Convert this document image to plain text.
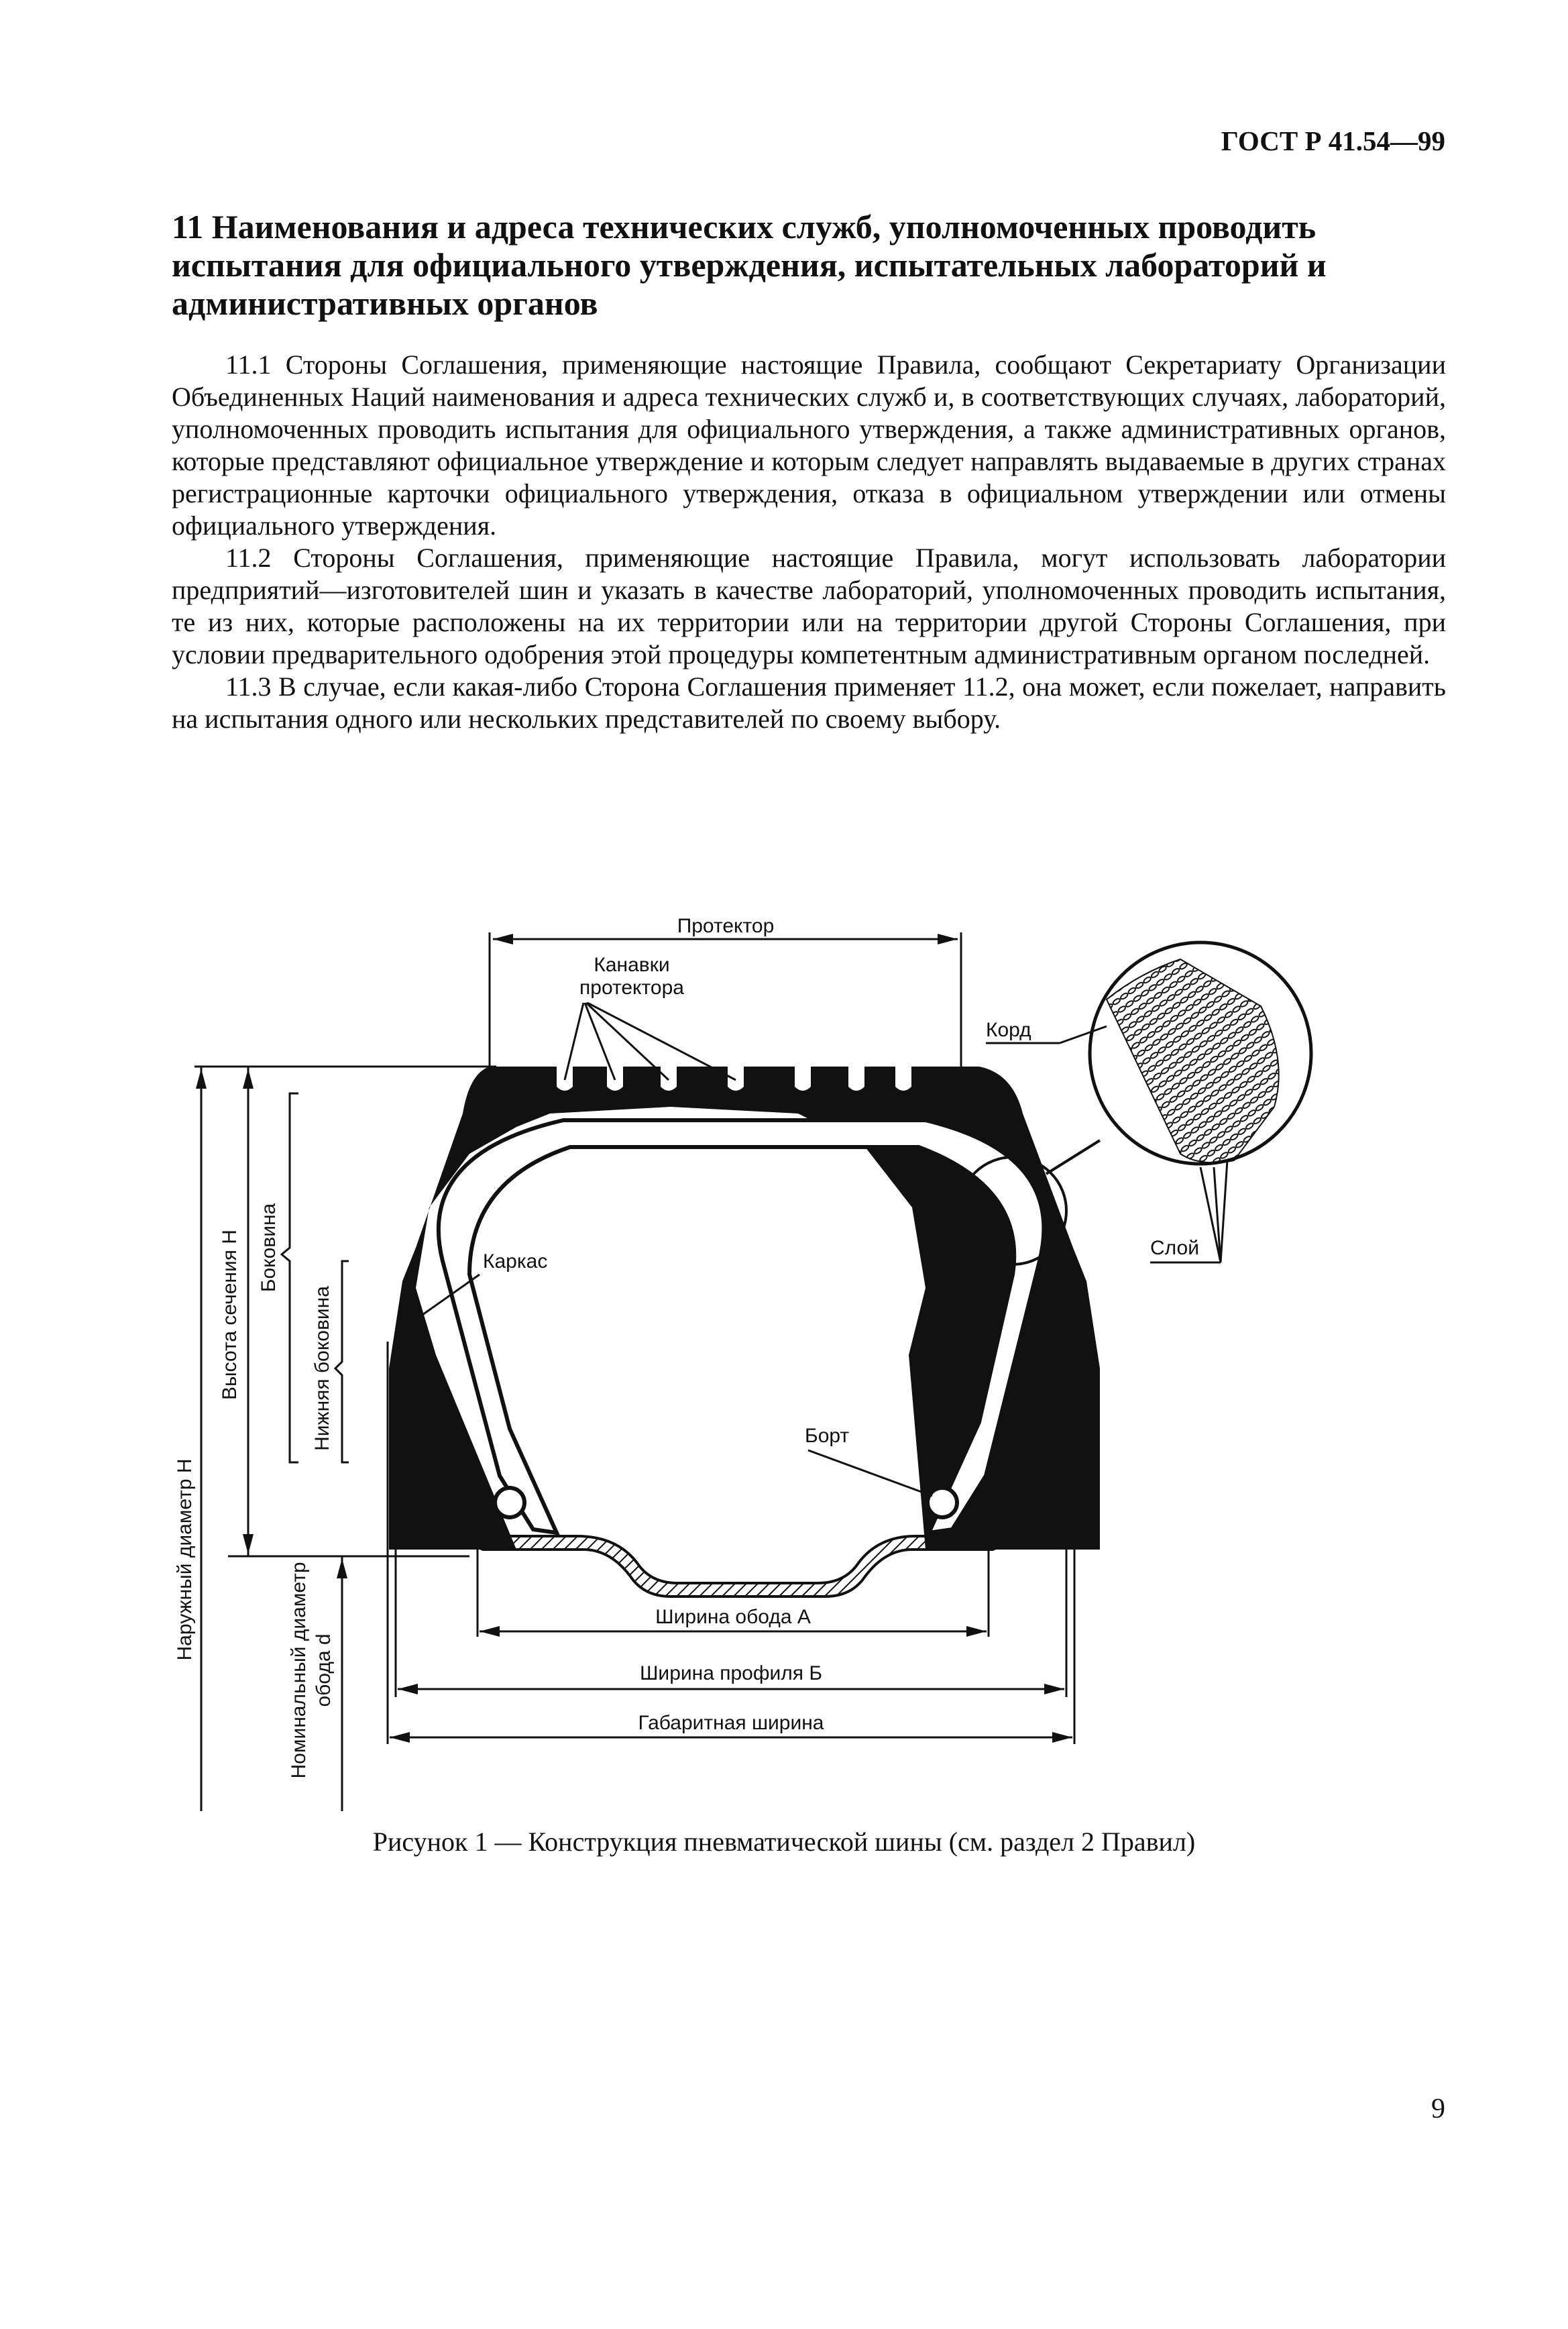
ГОСТ Р 41.54—99
11 Наименования и адреса технических служб, уполномоченных проводить испытания для официального утверждения, испытательных лабораторий и административных органов

11.1 Стороны Соглашения, применяющие настоящие Правила, сообщают Секретариату Организации Объединенных Наций наименования и адреса технических служб и, в соответствующих случаях, лабораторий, уполномоченных проводить испытания для официального утверждения, а также административных органов, которые представляют официальное утверждение и которым следует направлять выдаваемые в других странах регистрационные карточки официального утверждения, отказа в официальном утверждении или отмены официального утверждения.

11.2 Стороны Соглашения, применяющие настоящие Правила, могут использовать лаборатории предприятий—изготовителей шин и указать в качестве лабораторий, уполномоченных проводить испытания, те из них, которые расположены на их территории или на территории другой Стороны Соглашения, при условии предварительного одобрения этой процедуры компетентным административным органом последней.

11.3 В случае, если какая-либо Сторона Соглашения применяет 11.2, она может, если пожелает, направить на испытания одного или нескольких представителей по своему выбору.

Протектор
Канавки
протектора
Корд
Слой
Каркас
Борт
Высота сечения Н Боковина
Нижняя боковина
Наружный диаметр Н
Номинальный диаметр обода d
Ширина обода А
Ширина профиля Б
Габаритная ширина
Рисунок 1 — Конструкция пневматической шины (см. раздел 2 Правил)
9
